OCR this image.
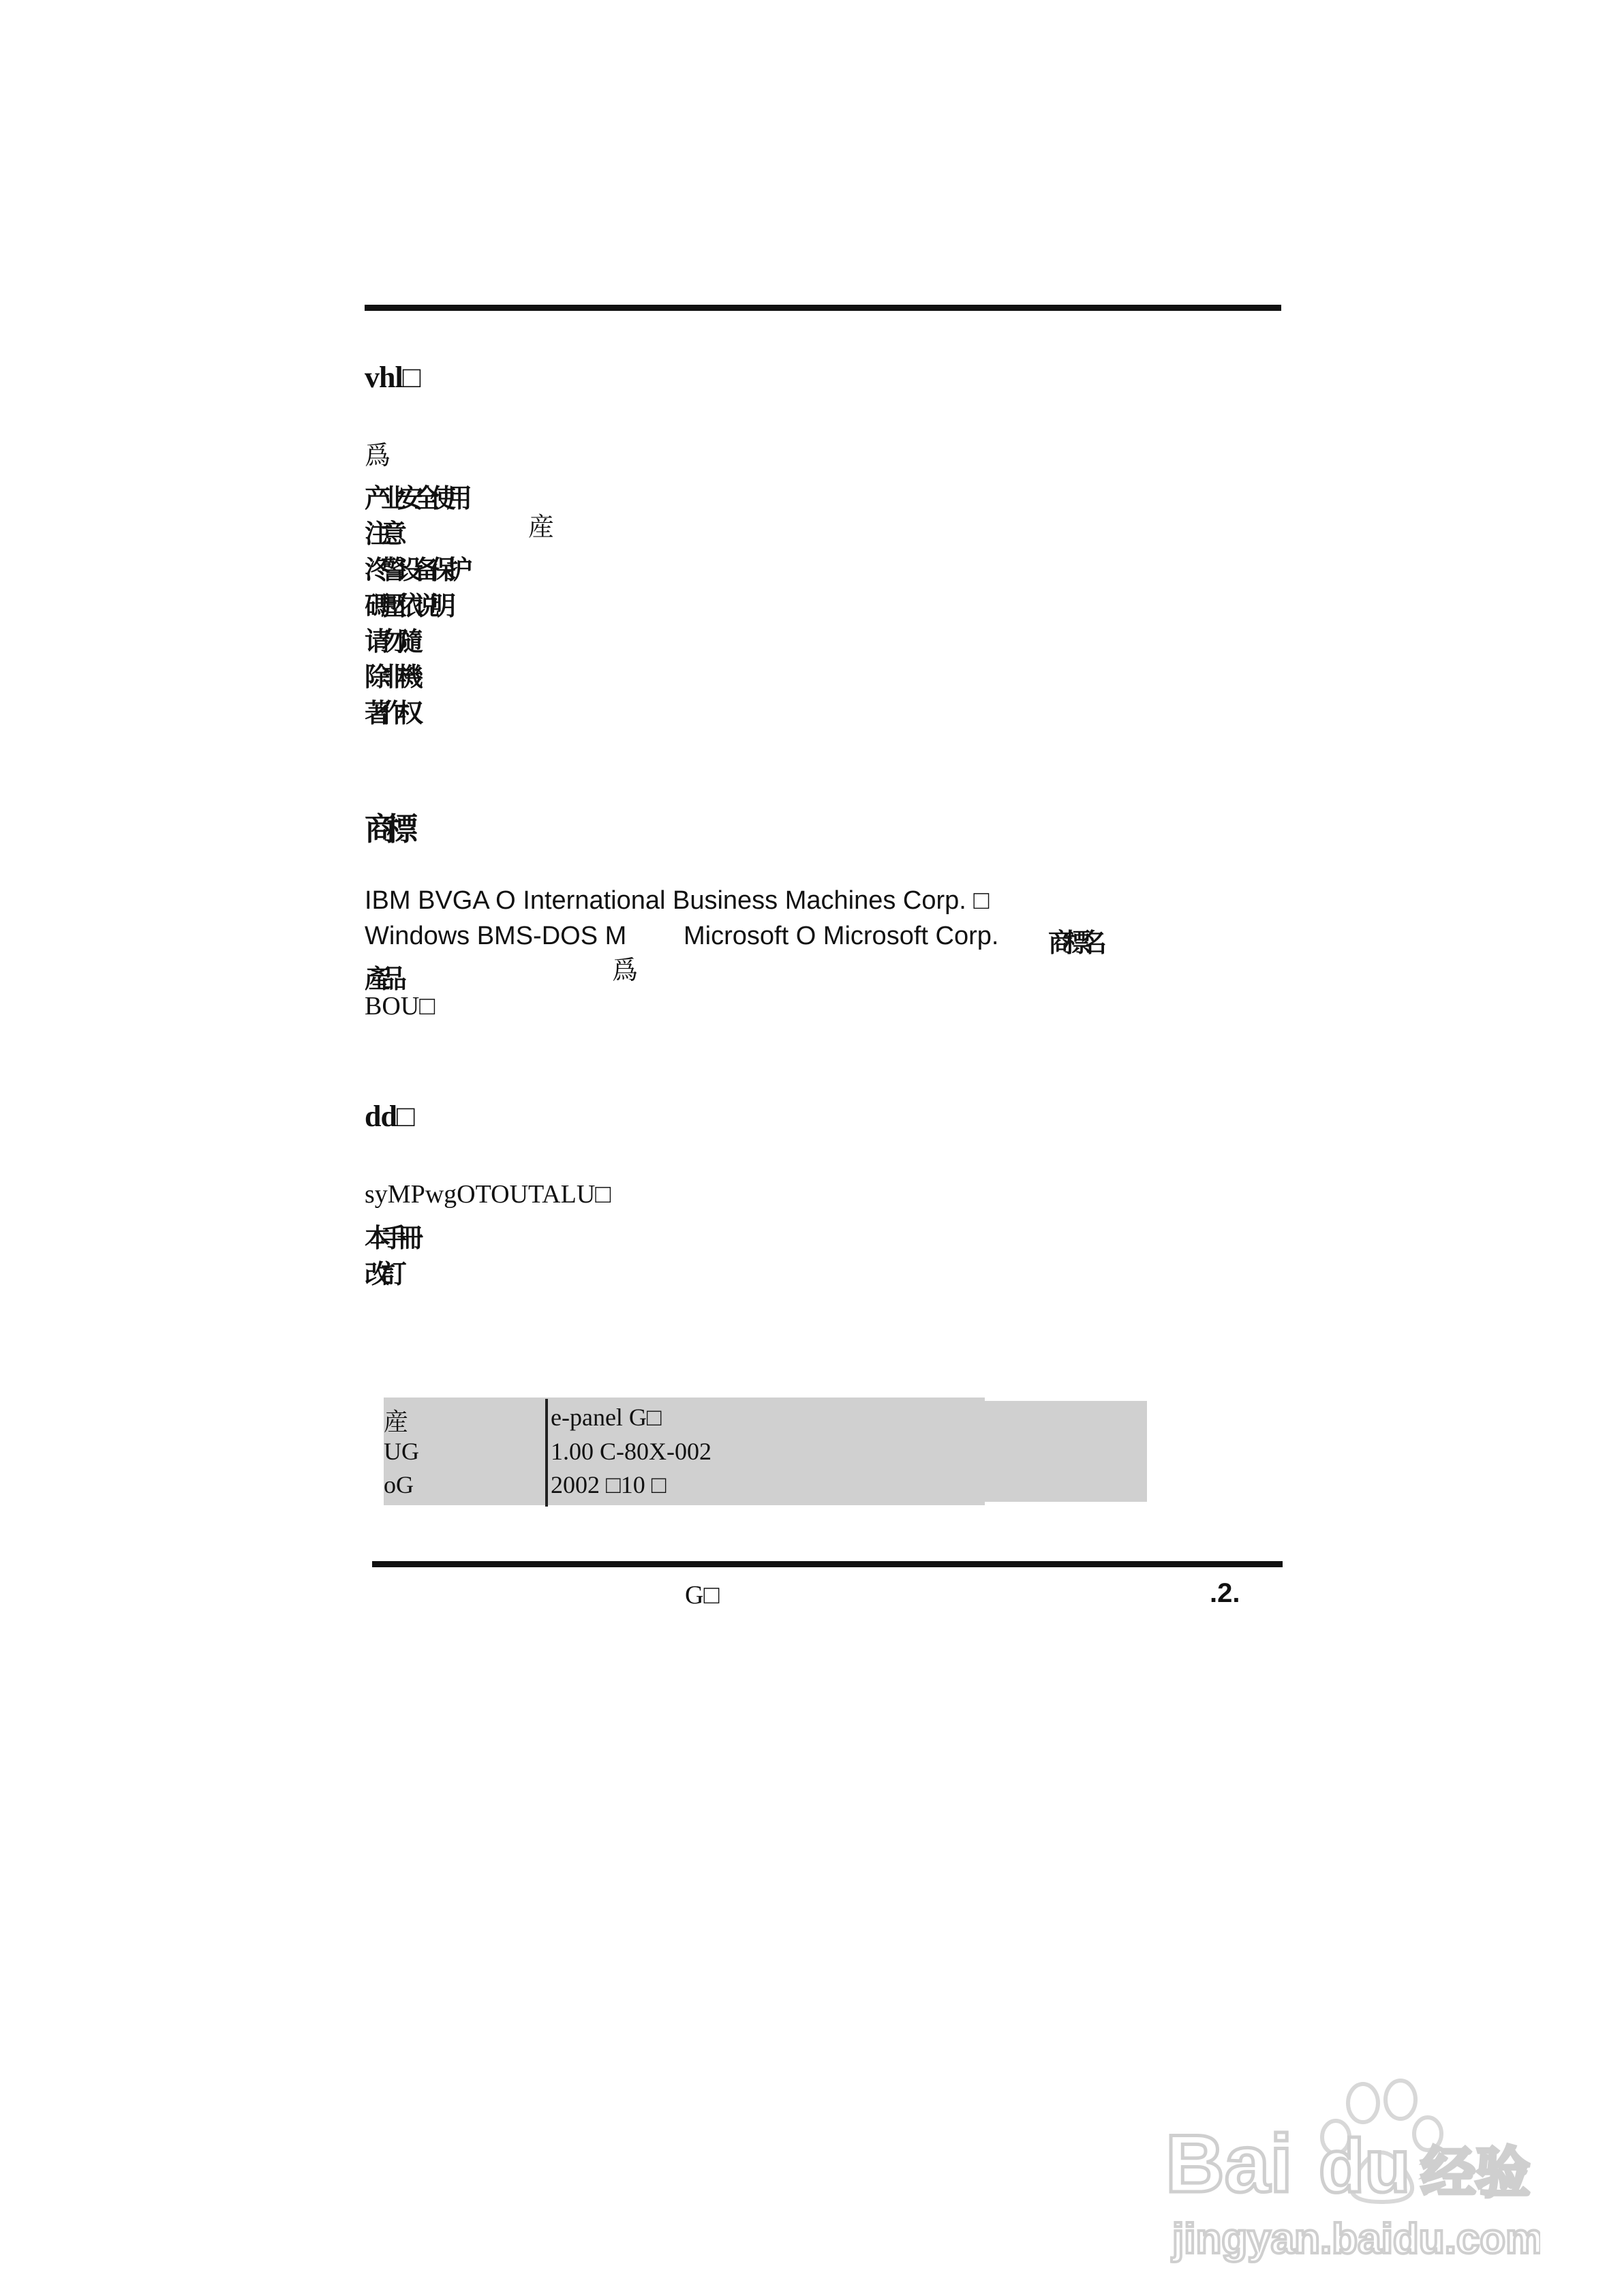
vhl□
爲
产业安全使用
注意	産
泈警设备保护
碼壓依说明
请勿隨
除非機
著作权
商標
IBM BVGA O International Business Machines Corp. □
Windows BMS-DOS M Microsoft O Microsoft Corp. 商標名
產品	爲
BOU□
dd□
syMPwgOTOUTALU□
本手冊
改訂
産	e-panel G□
UG	1.00 C-80X-002
oG	2002 □10 □
G□	.2.
Bai du 经验
jingyan.baidu.com
